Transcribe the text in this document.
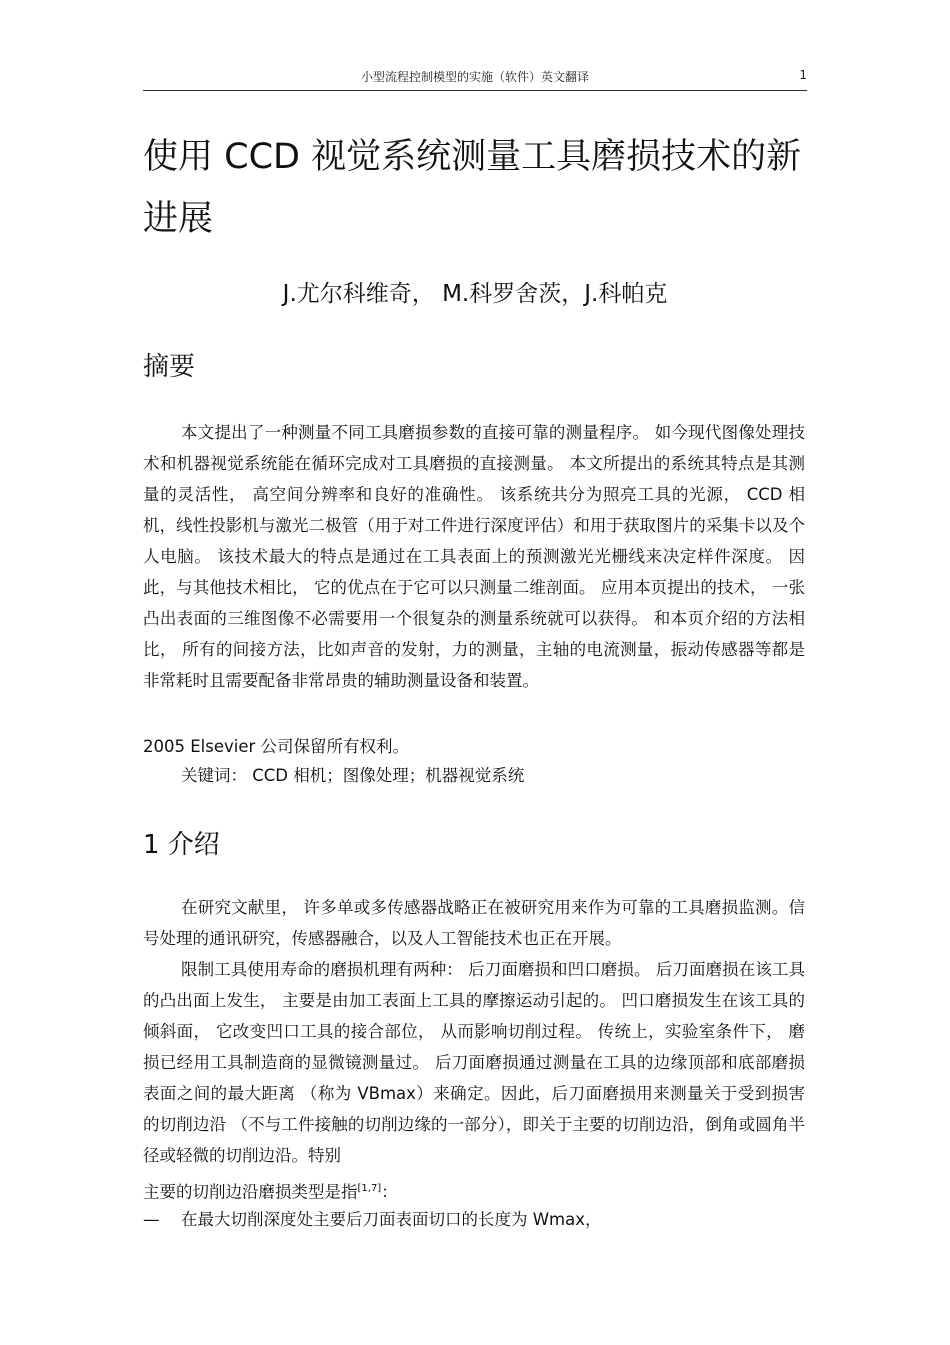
小型流程控制模型的实施（软件）英文翻译	1
使用 CCD 视觉系统测量工具磨损技术的新进展
J.尤尔科维奇， M.科罗舍茨，J.科帕克
摘要

本文提出了一种测量不同工具磨损参数的直接可靠的测量程序。 如今现代图像处理技术和机器视觉系统能在循环完成对工具磨损的直接测量。 本文所提出的系统其特点是其测量的灵活性， 高空间分辨率和良好的准确性。 该系统共分为照亮工具的光源， CCD 相机，线性投影机与激光二极管（用于对工件进行深度评估）和用于获取图片的采集卡以及个人电脑。 该技术最大的特点是通过在工具表面上的预测激光光栅线来决定样件深度。 因此，与其他技术相比， 它的优点在于它可以只测量二维剖面。 应用本页提出的技术， 一张凸出表面的三维图像不必需要用一个很复杂的测量系统就可以获得。 和本页介绍的方法相比， 所有的间接方法，比如声音的发射，力的测量，主轴的电流测量，振动传感器等都是非常耗时且需要配备非常昂贵的辅助测量设备和装置。

2005 Elsevier 公司保留所有权利。
关键词： CCD 相机；图像处理；机器视觉系统
1 介绍

在研究文献里， 许多单或多传感器战略正在被研究用来作为可靠的工具磨损监测。信号处理的通讯研究，传感器融合，以及人工智能技术也正在开展。

限制工具使用寿命的磨损机理有两种： 后刀面磨损和凹口磨损。 后刀面磨损在该工具的凸出面上发生， 主要是由加工表面上工具的摩擦运动引起的。 凹口磨损发生在该工具的倾斜面， 它改变凹口工具的接合部位， 从而影响切削过程。 传统上，实验室条件下， 磨损已经用工具制造商的显微镜测量过。 后刀面磨损通过测量在工具的边缘顶部和底部磨损表面之间的最大距离 （称为 VBmax）来确定。因此，后刀面磨损用来测量关于受到损害的切削边沿 （不与工件接触的切削边缘的一部分），即关于主要的切削边沿，倒角或圆角半径或轻微的切削边沿。特别

主要的切削边沿磨损类型是指[1,7]：
— 在最大切削深度处主要后刀面表面切口的长度为 Wmax，
